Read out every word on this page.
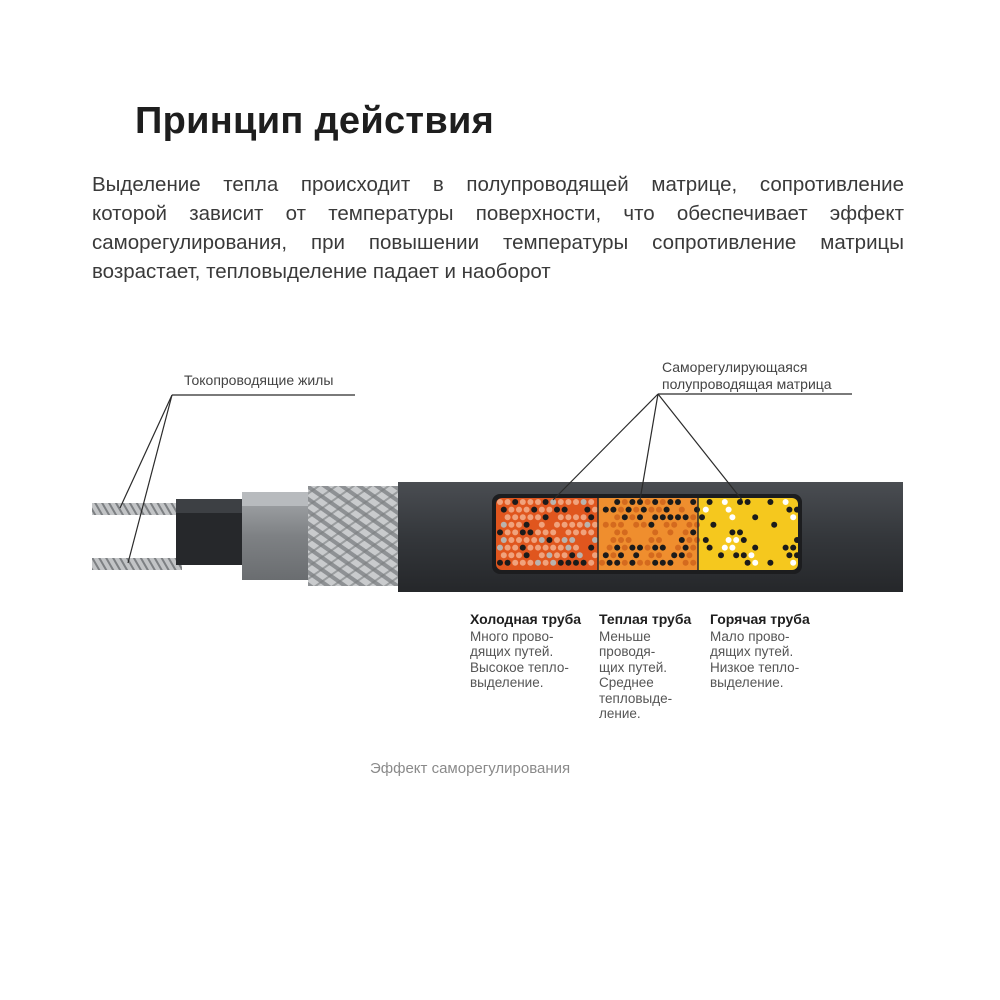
Принцип действия
Выделение тепла происходит в полупроводящей матрице, сопротивление
которой зависит от температуры поверхности, что обеспечивает эффект
саморегулирования, при повышении температуры сопротивление матрицы
возрастает, тепловыделение падает и наоборот
Токопроводящие жилы
Саморегулирующаяся
полупроводящая матрица
Холодная труба
Много прово-
дящих путей.
Высокое тепло-
выделение.
Теплая труба
Меньше
проводя-
щих путей.
Среднее
тепловыде-
ление.
Горячая труба
Мало прово-
дящих путей.
Низкое тепло-
выделение.
Эффект саморегулирования
